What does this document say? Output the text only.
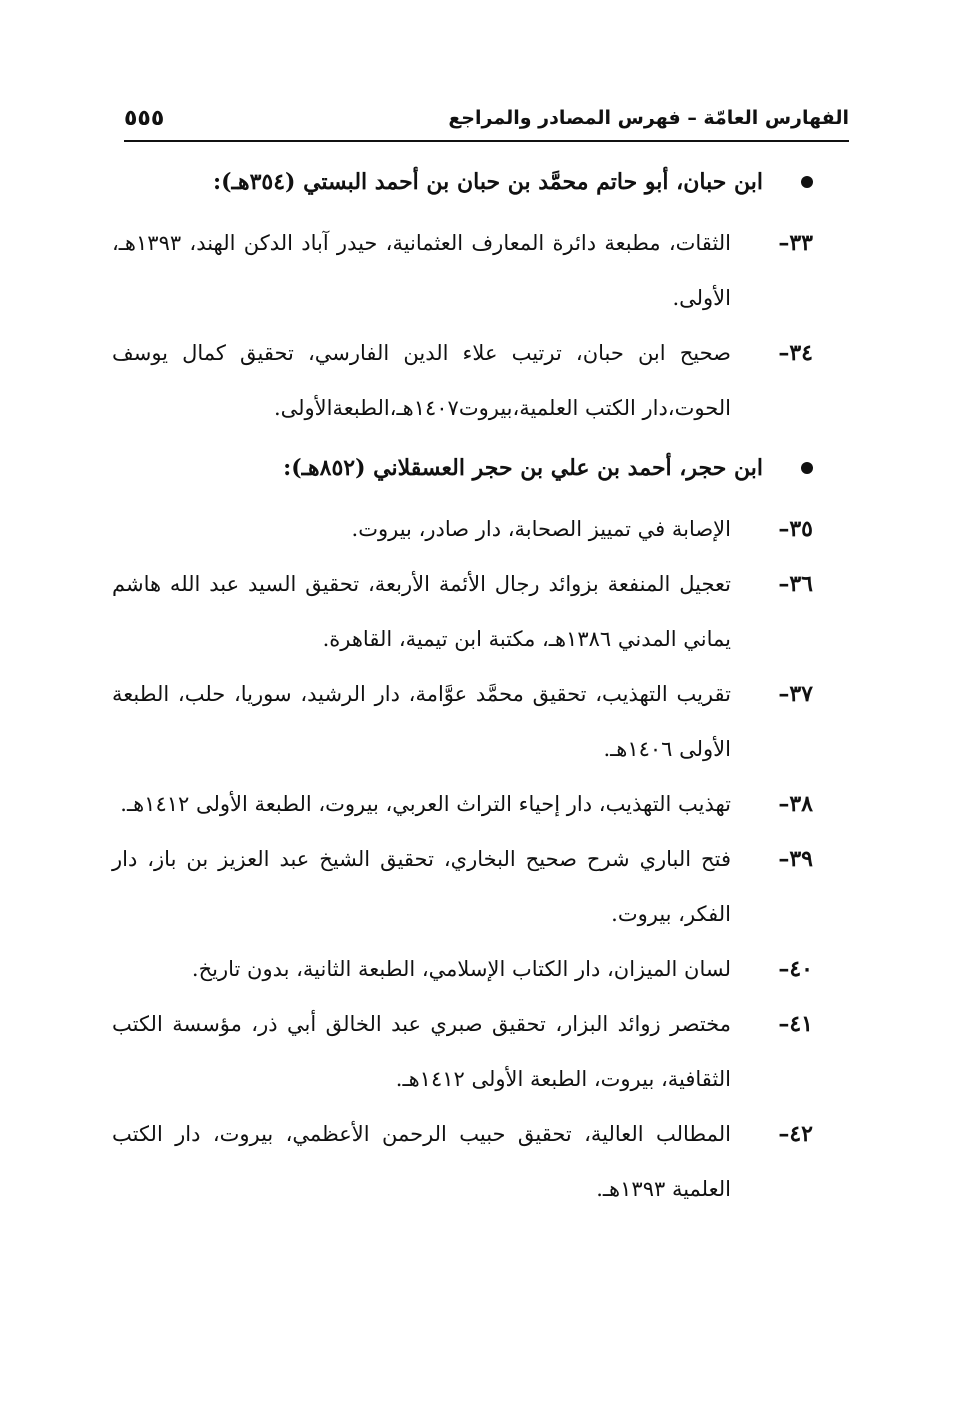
الفهارس العامّة – فهرس المصادر والمراجع
٥٥٥
ابن حبان، أبو حاتم محمَّد بن حبان بن أحمد البستي (٣٥٤هـ):
٣٣–
الثقات، مطبعة دائرة المعارف العثمانية، حيدر آباد الدكن الهند، ١٣٩٣هـ، الأولى.
٣٤–
صحيح ابن حبان، ترتيب علاء الدين الفارسي، تحقيق كمال يوسف الحوت،دار الكتب العلمية،بيروت١٤٠٧هـ،الطبعةالأولى.
ابن حجر، أحمد بن علي بن حجر العسقلاني (٨٥٢هـ):
٣٥–
الإصابة في تمييز الصحابة، دار صادر، بيروت.
٣٦–
تعجيل المنفعة بزوائد رجال الأئمة الأربعة، تحقيق السيد عبد الله هاشم يماني المدني ١٣٨٦هـ، مكتبة ابن تيمية، القاهرة.
٣٧–
تقريب التهذيب، تحقيق محمَّد عوَّامة، دار الرشيد، سوريا، حلب، الطبعة الأولى ١٤٠٦هـ.
٣٨–
تهذيب التهذيب، دار إحياء التراث العربي، بيروت، الطبعة الأولى ١٤١٢هـ.
٣٩–
فتح الباري شرح صحيح البخاري، تحقيق الشيخ عبد العزيز بن باز، دار الفكر، بيروت.
٤٠–
لسان الميزان، دار الكتاب الإسلامي، الطبعة الثانية، بدون تاريخ.
٤١–
مختصر زوائد البزار، تحقيق صبري عبد الخالق أبي ذر، مؤسسة الكتب الثقافية، بيروت، الطبعة الأولى ١٤١٢هـ.
٤٢–
المطالب العالية، تحقيق حبيب الرحمن الأعظمي، بيروت، دار الكتب العلمية ١٣٩٣هـ.
